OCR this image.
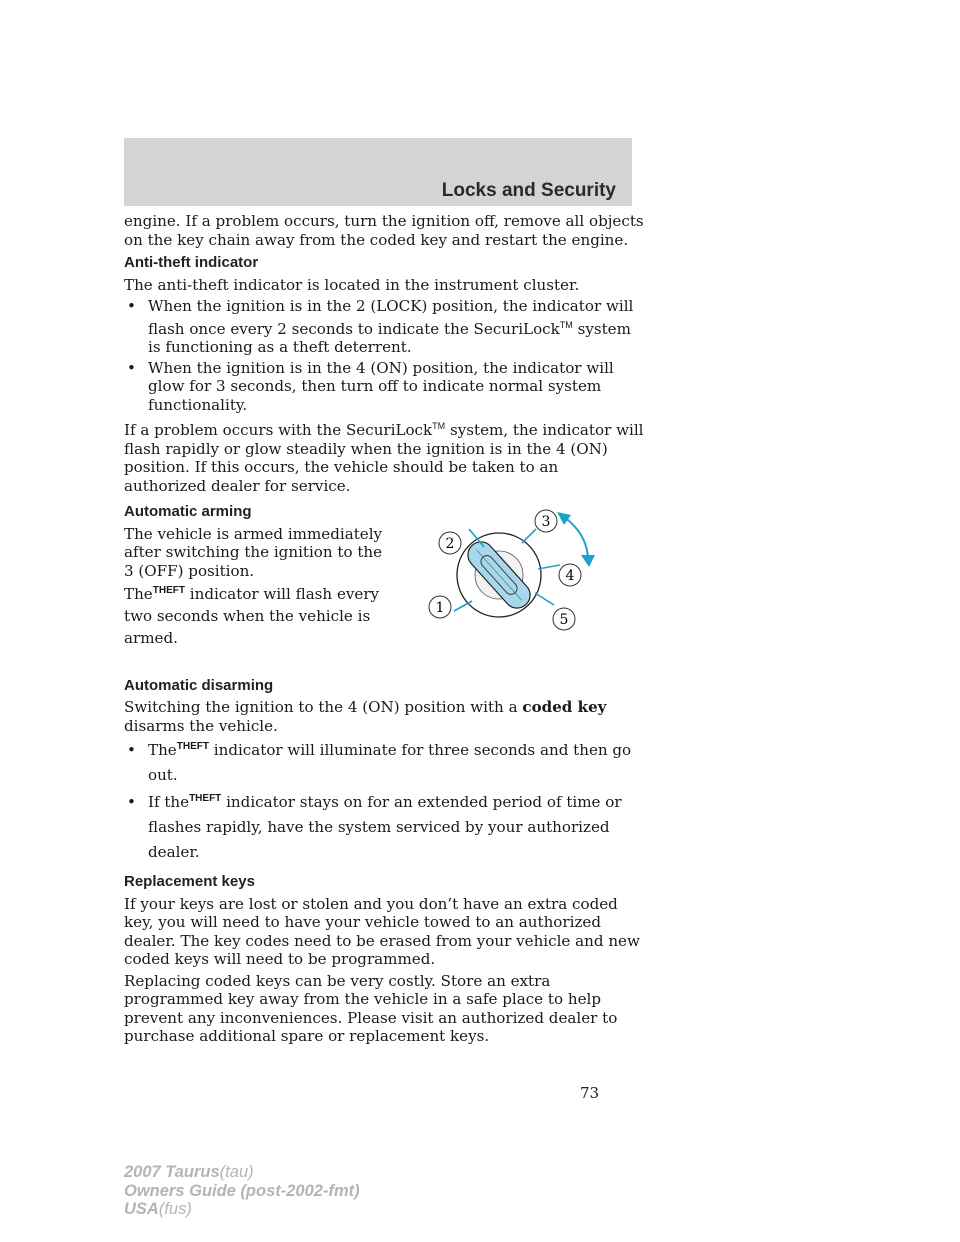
Locks and Security

engine. If a problem occurs, turn the ignition off, remove all objects on the key chain away from the coded key and restart the engine.

Anti-theft indicator

The anti-theft indicator is located in the instrument cluster.

• When the ignition is in the 2 (LOCK) position, the indicator will flash once every 2 seconds to indicate the SecuriLock™ system is functioning as a theft deterrent.
• When the ignition is in the 4 (ON) position, the indicator will glow for 3 seconds, then turn off to indicate normal system functionality.

If a problem occurs with the SecuriLock™ system, the indicator will flash rapidly or glow steadily when the ignition is in the 4 (ON) position. If this occurs, the vehicle should be taken to an authorized dealer for service.

Automatic arming

The vehicle is armed immediately after switching the ignition to the 3 (OFF) position.

The$^{THEFT}$ indicator will flash every two seconds when the vehicle is armed.

1
2
3
4
5
Automatic disarming

Switching the ignition to the 4 (ON) position with a coded key disarms the vehicle.

• The$^{THEFT}$ indicator will illuminate for three seconds and then go out.
• If the$^{THEFT}$ indicator stays on for an extended period of time or flashes rapidly, have the system serviced by your authorized dealer.
Replacement keys

If your keys are lost or stolen and you don’t have an extra coded key, you will need to have your vehicle towed to an authorized dealer. The key codes need to be erased from your vehicle and new coded keys will need to be programmed.

Replacing coded keys can be very costly. Store an extra programmed key away from the vehicle in a safe place to help prevent any inconveniences. Please visit an authorized dealer to purchase additional spare or replacement keys.

73
2007 Taurus(tau)
Owners Guide (post-2002-fmt)
USA(fus)
